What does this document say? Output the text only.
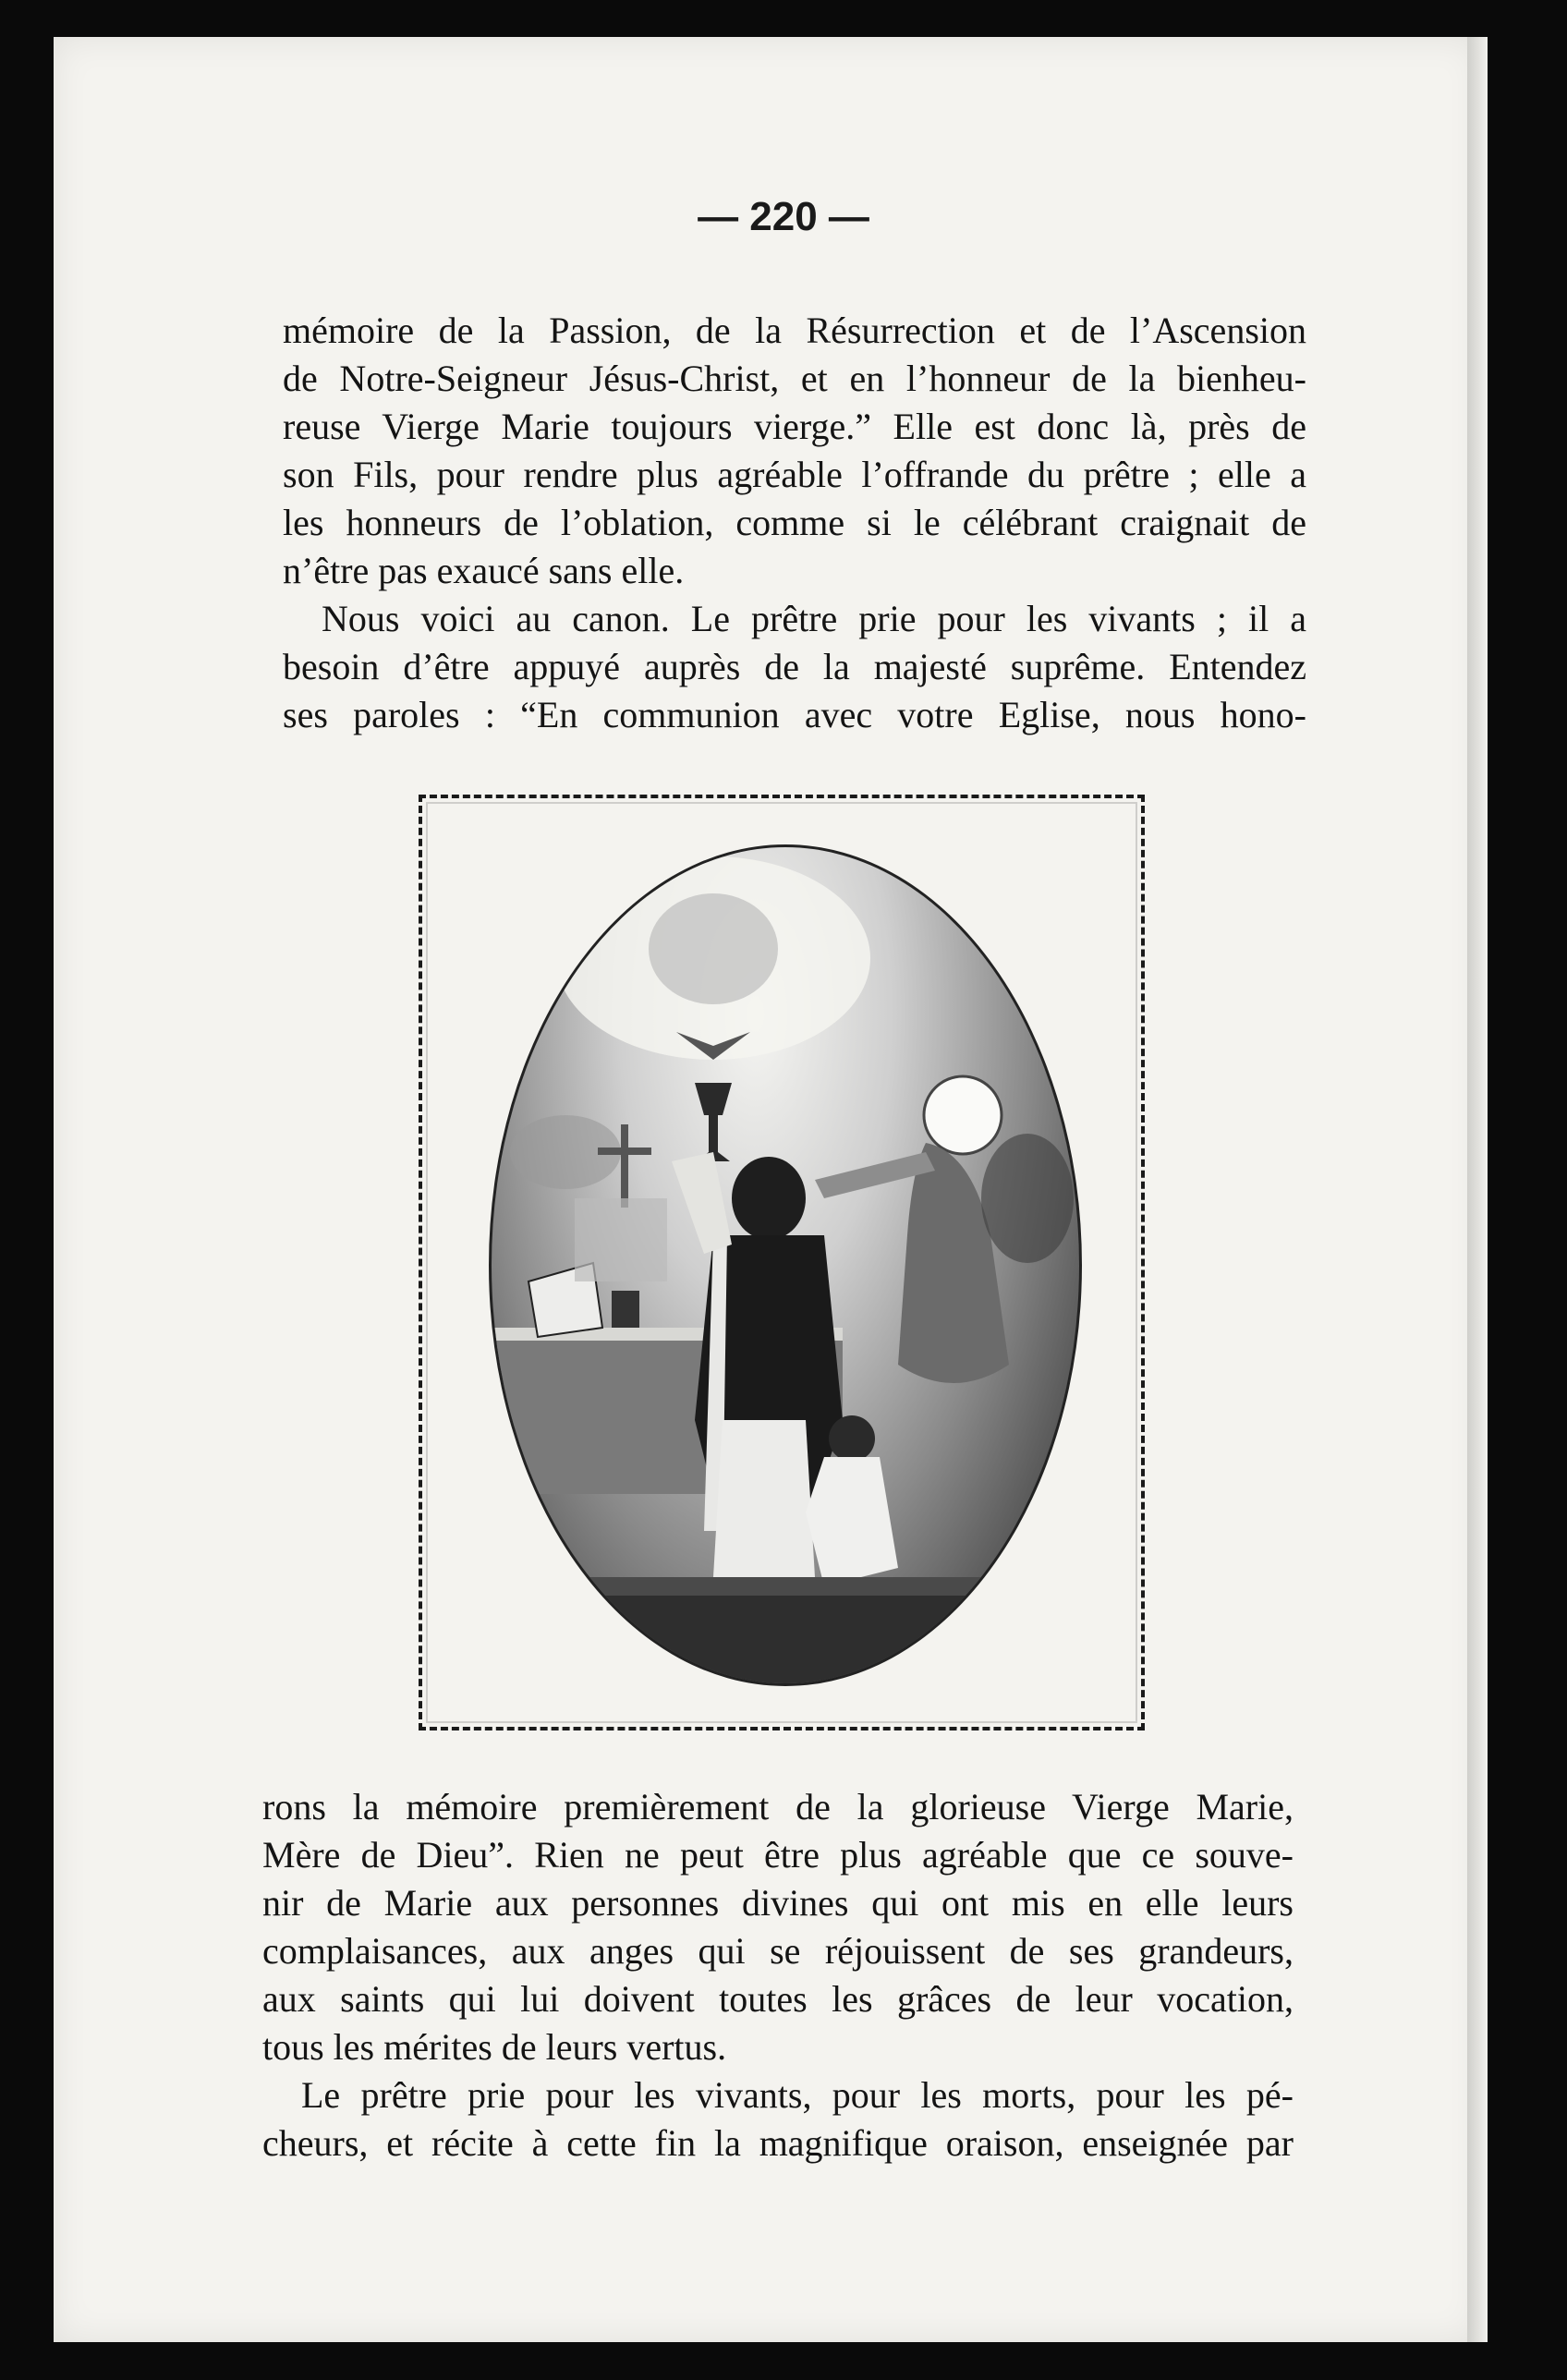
— 220 —
mémoire de la Passion, de la Résurrection et de l’Ascension
de Notre-Seigneur Jésus-Christ, et en l’honneur de la bienheu-
reuse Vierge Marie toujours vierge.” Elle est donc là, près de
son Fils, pour rendre plus agréable l’offrande du prêtre ; elle a
les honneurs de l’oblation, comme si le célébrant craignait de
n’être pas exaucé sans elle.
Nous voici au canon. Le prêtre prie pour les vivants ; il a
besoin d’être appuyé auprès de la majesté suprême. Entendez
ses paroles : “En communion avec votre Eglise, nous hono-
rons la mémoire premièrement de la glorieuse Vierge Marie,
Mère de Dieu”. Rien ne peut être plus agréable que ce souve-
nir de Marie aux personnes divines qui ont mis en elle leurs
complaisances, aux anges qui se réjouissent de ses grandeurs,
aux saints qui lui doivent toutes les grâces de leur vocation,
tous les mérites de leurs vertus.
Le prêtre prie pour les vivants, pour les morts, pour les pé-
cheurs, et récite à cette fin la magnifique oraison, enseignée par
